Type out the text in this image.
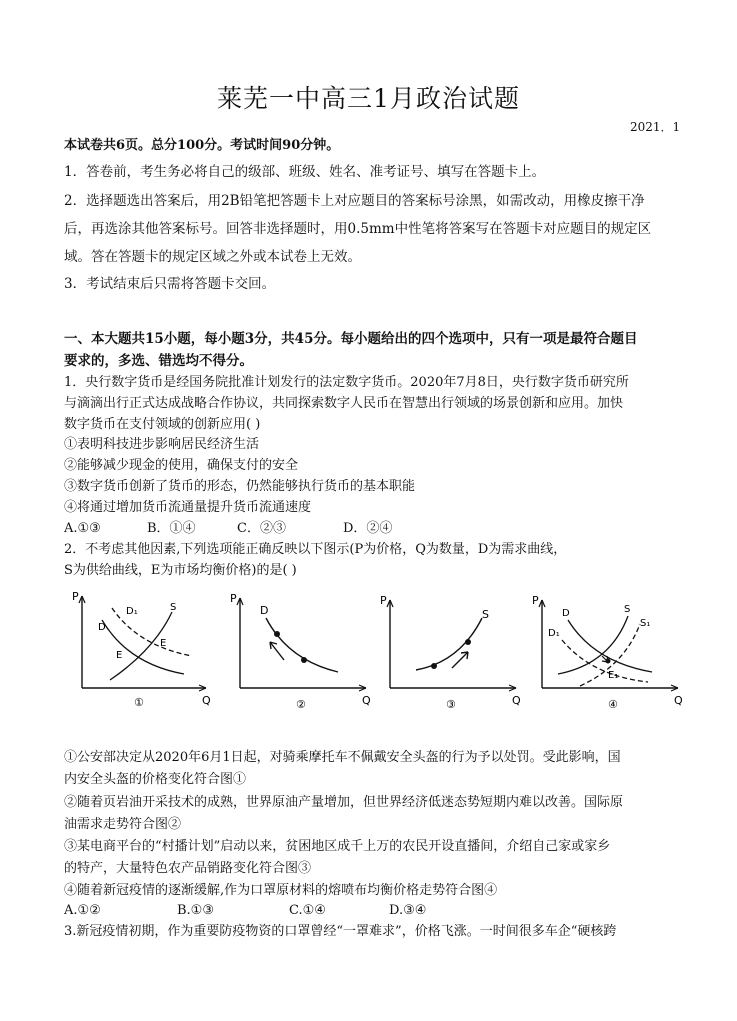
莱芜一中高三1月政治试题
2021．1
本试卷共6页。总分100分。考试时间90分钟。
1．答卷前，考生务必将自己的级部、班级、姓名、准考证号、填写在答题卡上。
2．选择题选出答案后，用2B铅笔把答题卡上对应题目的答案标号涂黑，如需改动，用橡皮擦干净
后，再选涂其他答案标号。回答非选择题时，用0.5mm中性笔将答案写在答题卡对应题目的规定区
域。答在答题卡的规定区域之外或本试卷上无效。
3．考试结束后只需将答题卡交回。
一、本大题共15小题，每小题3分，共45分。每小题给出的四个选项中，只有一项是最符合题目
要求的，多选、错选均不得分。
1．央行数字货币是经国务院批准计划发行的法定数字货币。2020年7月8日，央行数字货币研究所
与滴滴出行正式达成战略合作协议，共同探索数字人民币在智慧出行领域的场景创新和应用。加快
数字货币在支付领域的创新应用( )
①表明科技进步影响居民经济生活
②能够减少现金的使用，确保支付的安全
③数字货币创新了货币的形态，仍然能够执行货币的基本职能
④将通过增加货币流通量提升货币流通速度
A.①③	B．①④	C．②③	D．②④
2．不考虑其他因素,下列选项能正确反映以下图示(P为价格，Q为数量，D为需求曲线，
S为供给曲线，E为市场均衡价格)的是( )
P
Q
D₁	S
D
E
E
①
P
Q
D
②
P
Q
S
③
P
Q
D	S
S₁
D₁
E₁
④
①公安部决定从2020年6月1日起，对骑乘摩托车不佩戴安全头盔的行为予以处罚。受此影响，国
内安全头盔的价格变化符合图①
②随着页岩油开采技术的成熟，世界原油产量增加，但世界经济低迷态势短期内难以改善。国际原
油需求走势符合图②
③某电商平台的“村播计划”启动以来，贫困地区成千上万的农民开设直播间，介绍自己家或家乡
的特产，大量特色农产品销路变化符合图③
④随着新冠疫情的逐渐缓解,作为口罩原材料的熔喷布均衡价格走势符合图④
A.①②	B.①③	C.①④	D.③④
3.新冠疫情初期，作为重要防疫物资的口罩曾经“一罩难求”，价格飞涨。一时间很多车企“硬核跨
